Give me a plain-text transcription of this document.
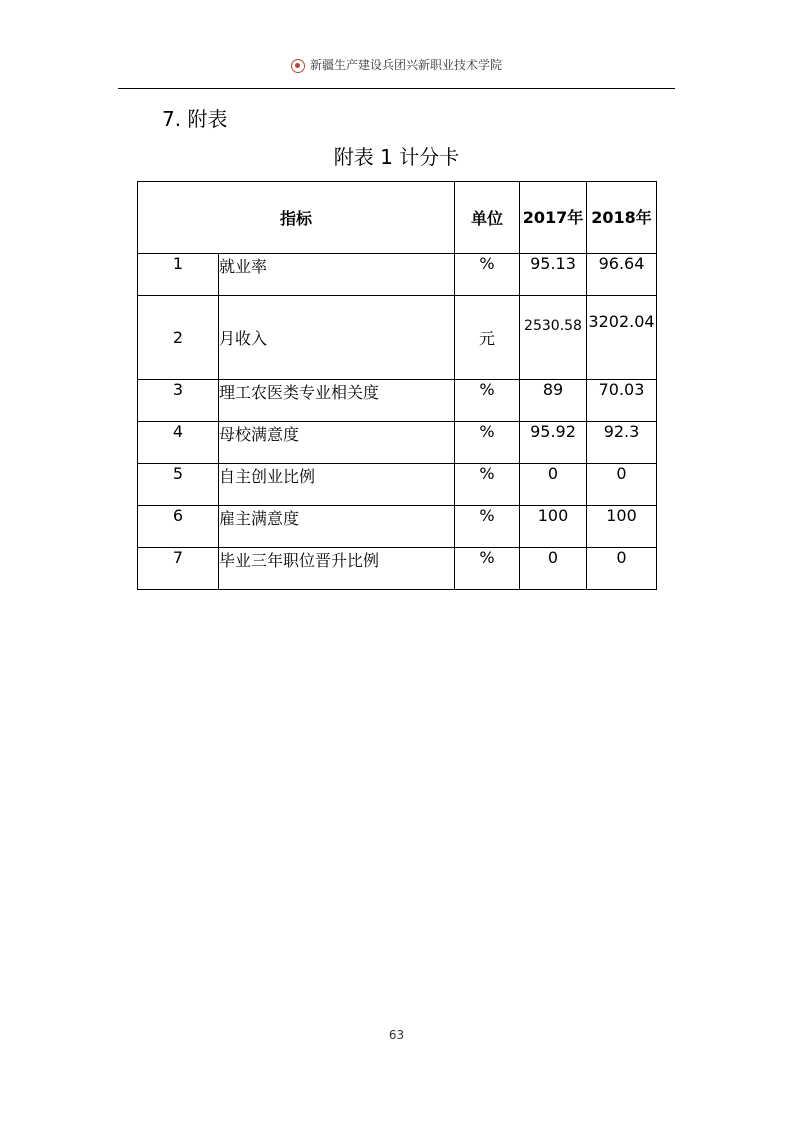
新疆生产建设兵团兴新职业技术学院
7. 附表
附表 1 计分卡
指标		单位	2017年	2018年
1	就业率	%	95.13	96.64
2	月收入	元	2530.58	3202.04
3	理工农医类专业相关度	%	89	70.03
4	母校满意度	%	95.92	92.3
5	自主创业比例	%	0	0
6	雇主满意度	%	100	100
7	毕业三年职位晋升比例	%	0	0
63
